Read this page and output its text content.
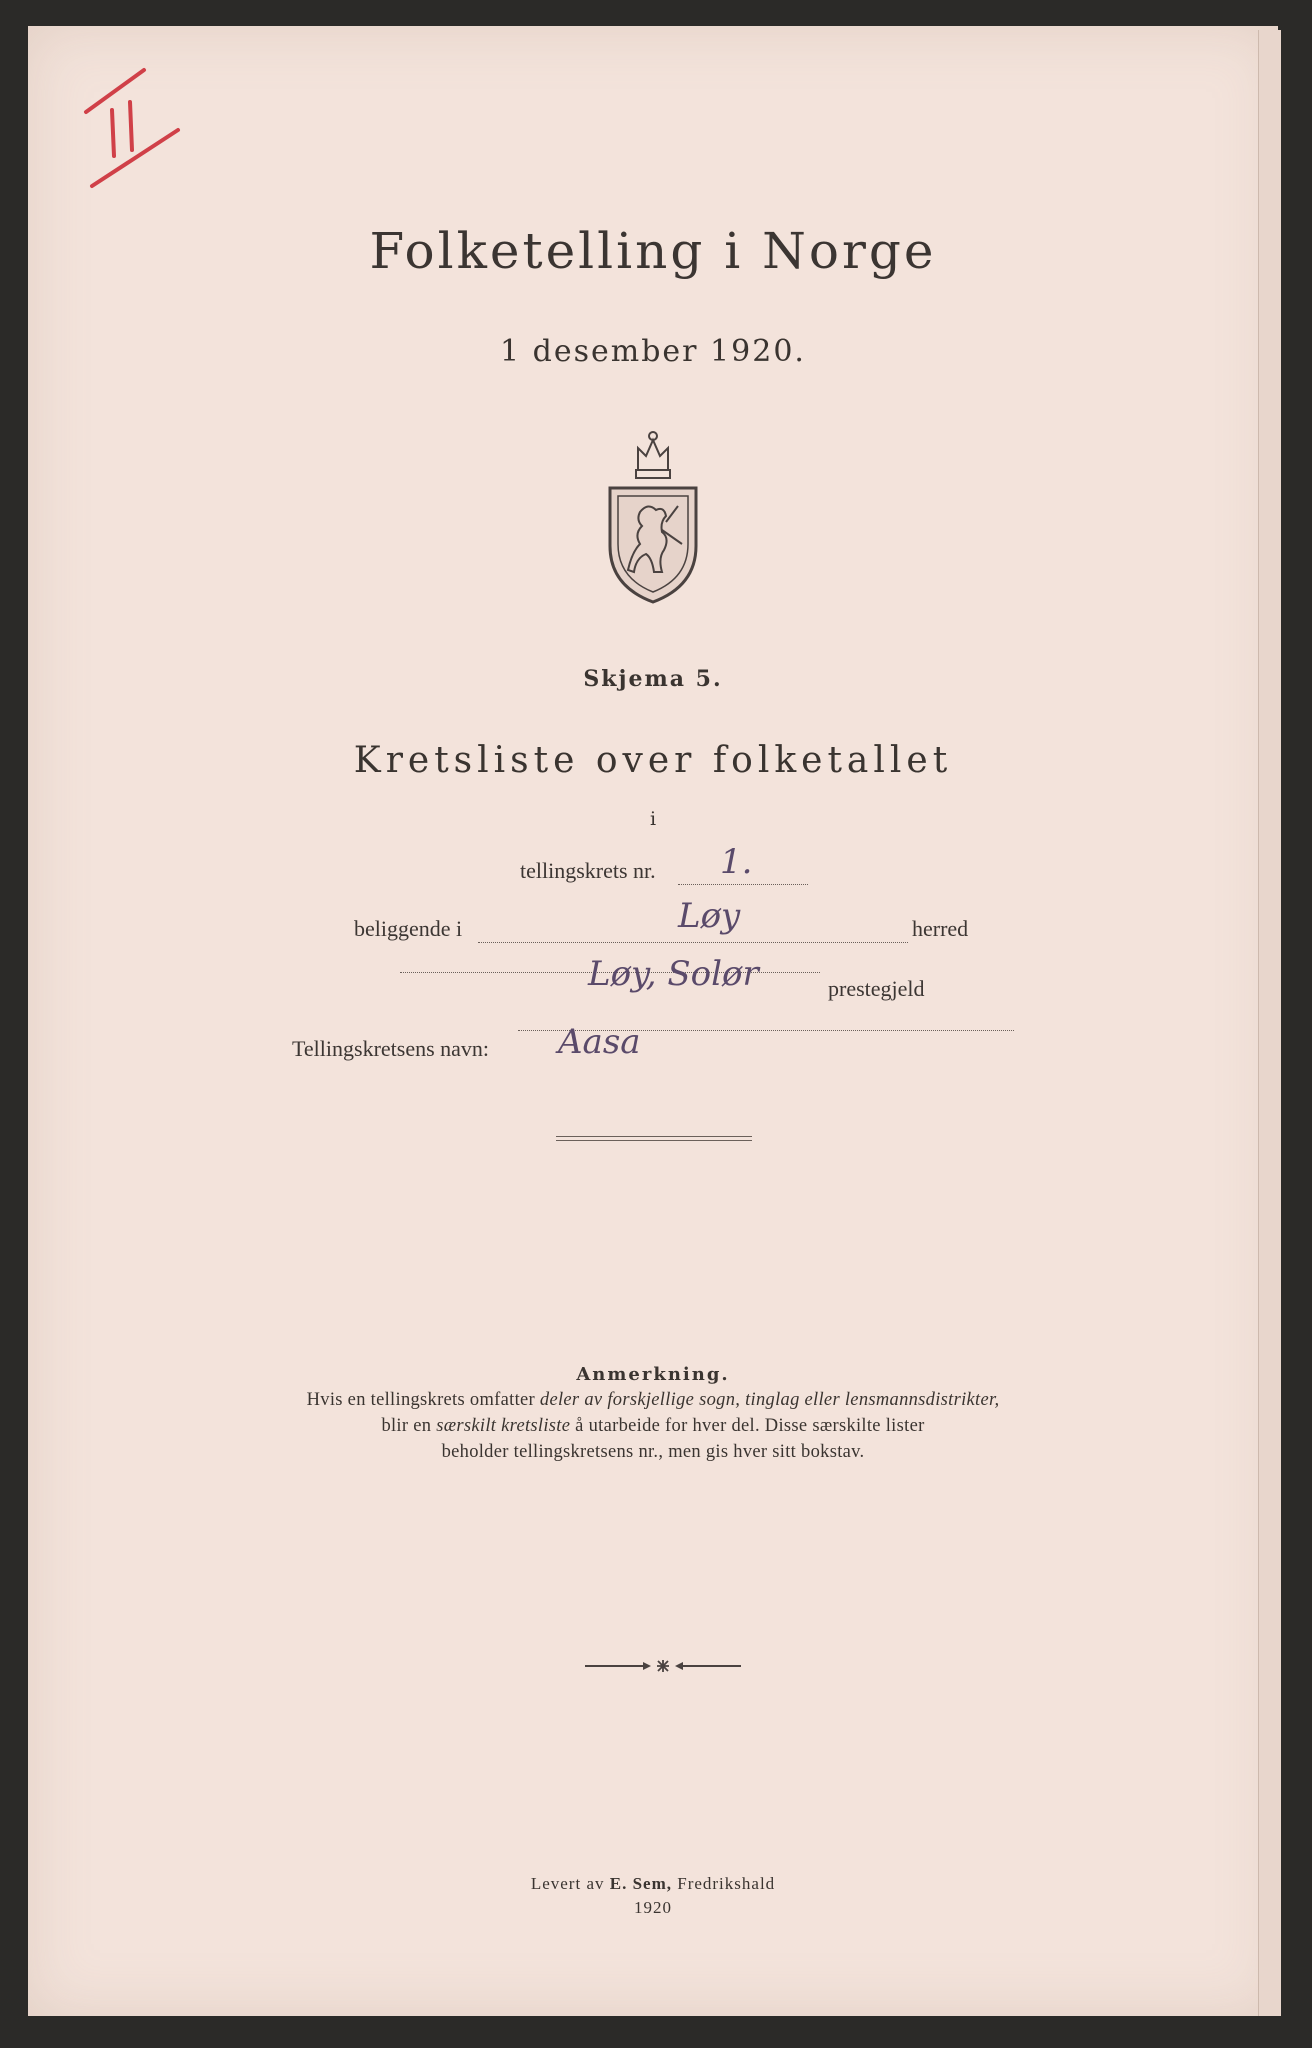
Folketelling i Norge
1 desember 1920.
Skjema 5.
Kretsliste over folketallet
i
tellingskrets nr. 1.
beliggende i	Løy	herred
Løy, Solør	prestegjeld
Tellingskretsens navn: Aasa
Anmerkning.
Hvis en tellingskrets omfatter deler av forskjellige sogn, tinglag eller lensmannsdistrikter,
blir en særskilt kretsliste å utarbeide for hver del. Disse særskilte lister
beholder tellingskretsens nr., men gis hver sitt bokstav.
Levert av E. Sem, Fredrikshald
1920
